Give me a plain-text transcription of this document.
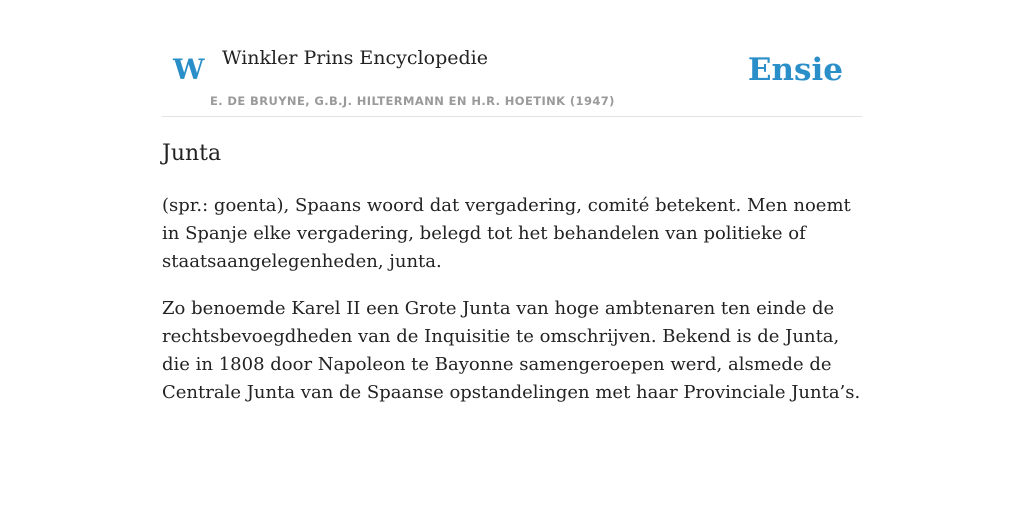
W Winkler Prins Encyclopedie
E. DE BRUYNE, G.B.J. HILTERMANN EN H.R. HOETINK (1947)
Ensie
Junta

(spr.: goenta), Spaans woord dat vergadering, comité betekent. Men noemt in Spanje elke vergadering, belegd tot het behandelen van politieke of staatsaangelegenheden, junta.

Zo benoemde Karel II een Grote Junta van hoge ambtenaren ten einde de rechtsbevoegdheden van de Inquisitie te omschrijven. Bekend is de Junta, die in 1808 door Napoleon te Bayonne samengeroepen werd, alsmede de Centrale Junta van de Spaanse opstandelingen met haar Provinciale Junta’s.
